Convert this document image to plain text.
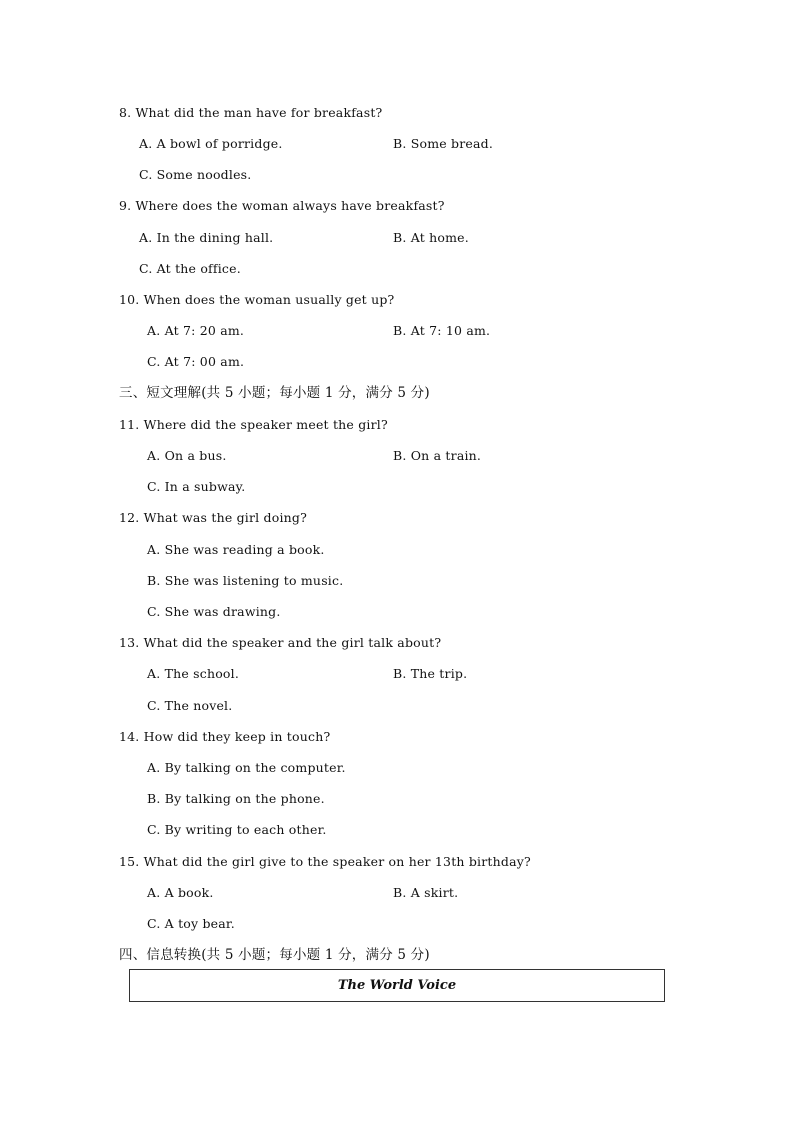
8. What did the man have for breakfast?
A. A bowl of porridge.	B. Some bread.
C. Some noodles.
9. Where does the woman always have breakfast?
A. In the dining hall.	B. At home.
C. At the office.
10. When does the woman usually get up?
A. At 7: 20 am.	B. At 7: 10 am.
C. At 7: 00 am.
三、短文理解(共 5 小题；每小题 1 分，满分 5 分)
11. Where did the speaker meet the girl?
A. On a bus.	B. On a train.
C. In a subway.
12. What was the girl doing?
A. She was reading a book.
B. She was listening to music.
C. She was drawing.
13. What did the speaker and the girl talk about?
A. The school.	B. The trip.
C. The novel.
14. How did they keep in touch?
A. By talking on the computer.
B. By talking on the phone.
C. By writing to each other.
15. What did the girl give to the speaker on her 13th birthday?
A. A book.	B. A skirt.
C. A toy bear.
四、信息转换(共 5 小题；每小题 1 分，满分 5 分)
The World Voice
